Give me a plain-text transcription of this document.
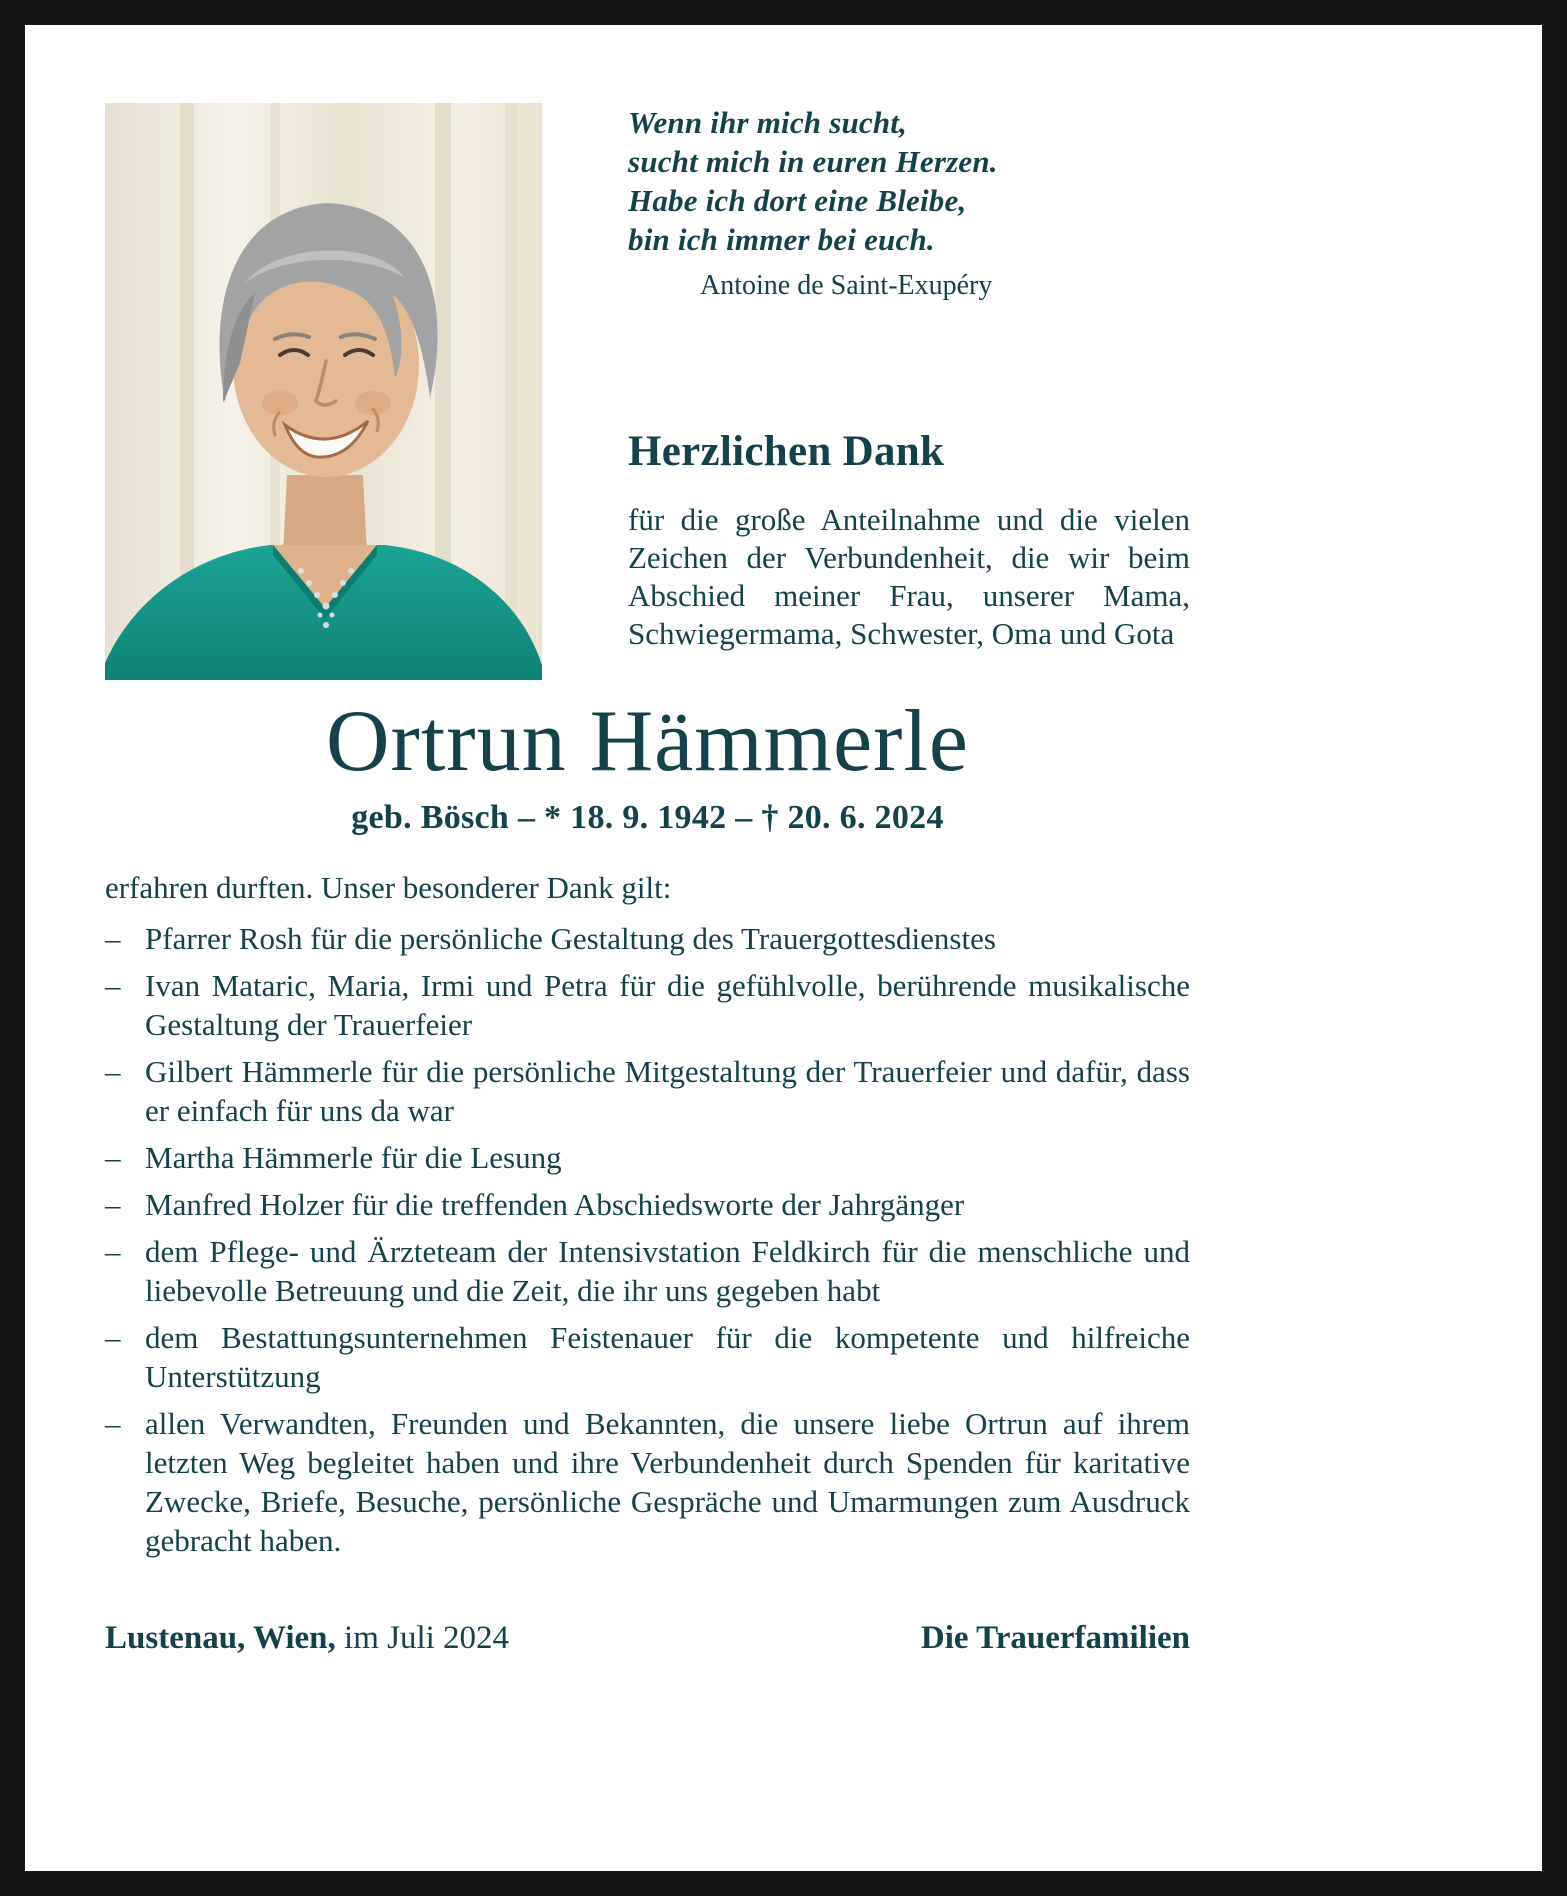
Wenn ihr mich sucht,
sucht mich in euren Herzen.
Habe ich dort eine Bleibe,
bin ich immer bei euch.
Antoine de Saint-Exupéry
Herzlichen Dank
für die große Anteilnahme und die vielen Zeichen der Verbundenheit, die wir beim Abschied meiner Frau, unserer Mama, Schwiegermama, Schwester, Oma und Gota
Ortrun Hämmerle
geb. Bösch – * 18. 9. 1942 – † 20. 6. 2024
erfahren durften. Unser besonderer Dank gilt:
– Pfarrer Rosh für die persönliche Gestaltung des Trauergottesdienstes
– Ivan Mataric, Maria, Irmi und Petra für die gefühlvolle, berührende musikalische Gestaltung der Trauerfeier
– Gilbert Hämmerle für die persönliche Mitgestaltung der Trauerfeier und dafür, dass er einfach für uns da war
– Martha Hämmerle für die Lesung
– Manfred Holzer für die treffenden Abschiedsworte der Jahrgänger
– dem Pflege- und Ärzteteam der Intensivstation Feldkirch für die menschliche und liebevolle Betreuung und die Zeit, die ihr uns gegeben habt
– dem Bestattungsunternehmen Feistenauer für die kompetente und hilfreiche Unterstützung
– allen Verwandten, Freunden und Bekannten, die unsere liebe Ortrun auf ihrem letzten Weg begleitet haben und ihre Verbundenheit durch Spenden für karitative Zwecke, Briefe, Besuche, persönliche Gespräche und Umarmungen zum Ausdruck gebracht haben.
Lustenau, Wien, im Juli 2024	Die Trauerfamilien
